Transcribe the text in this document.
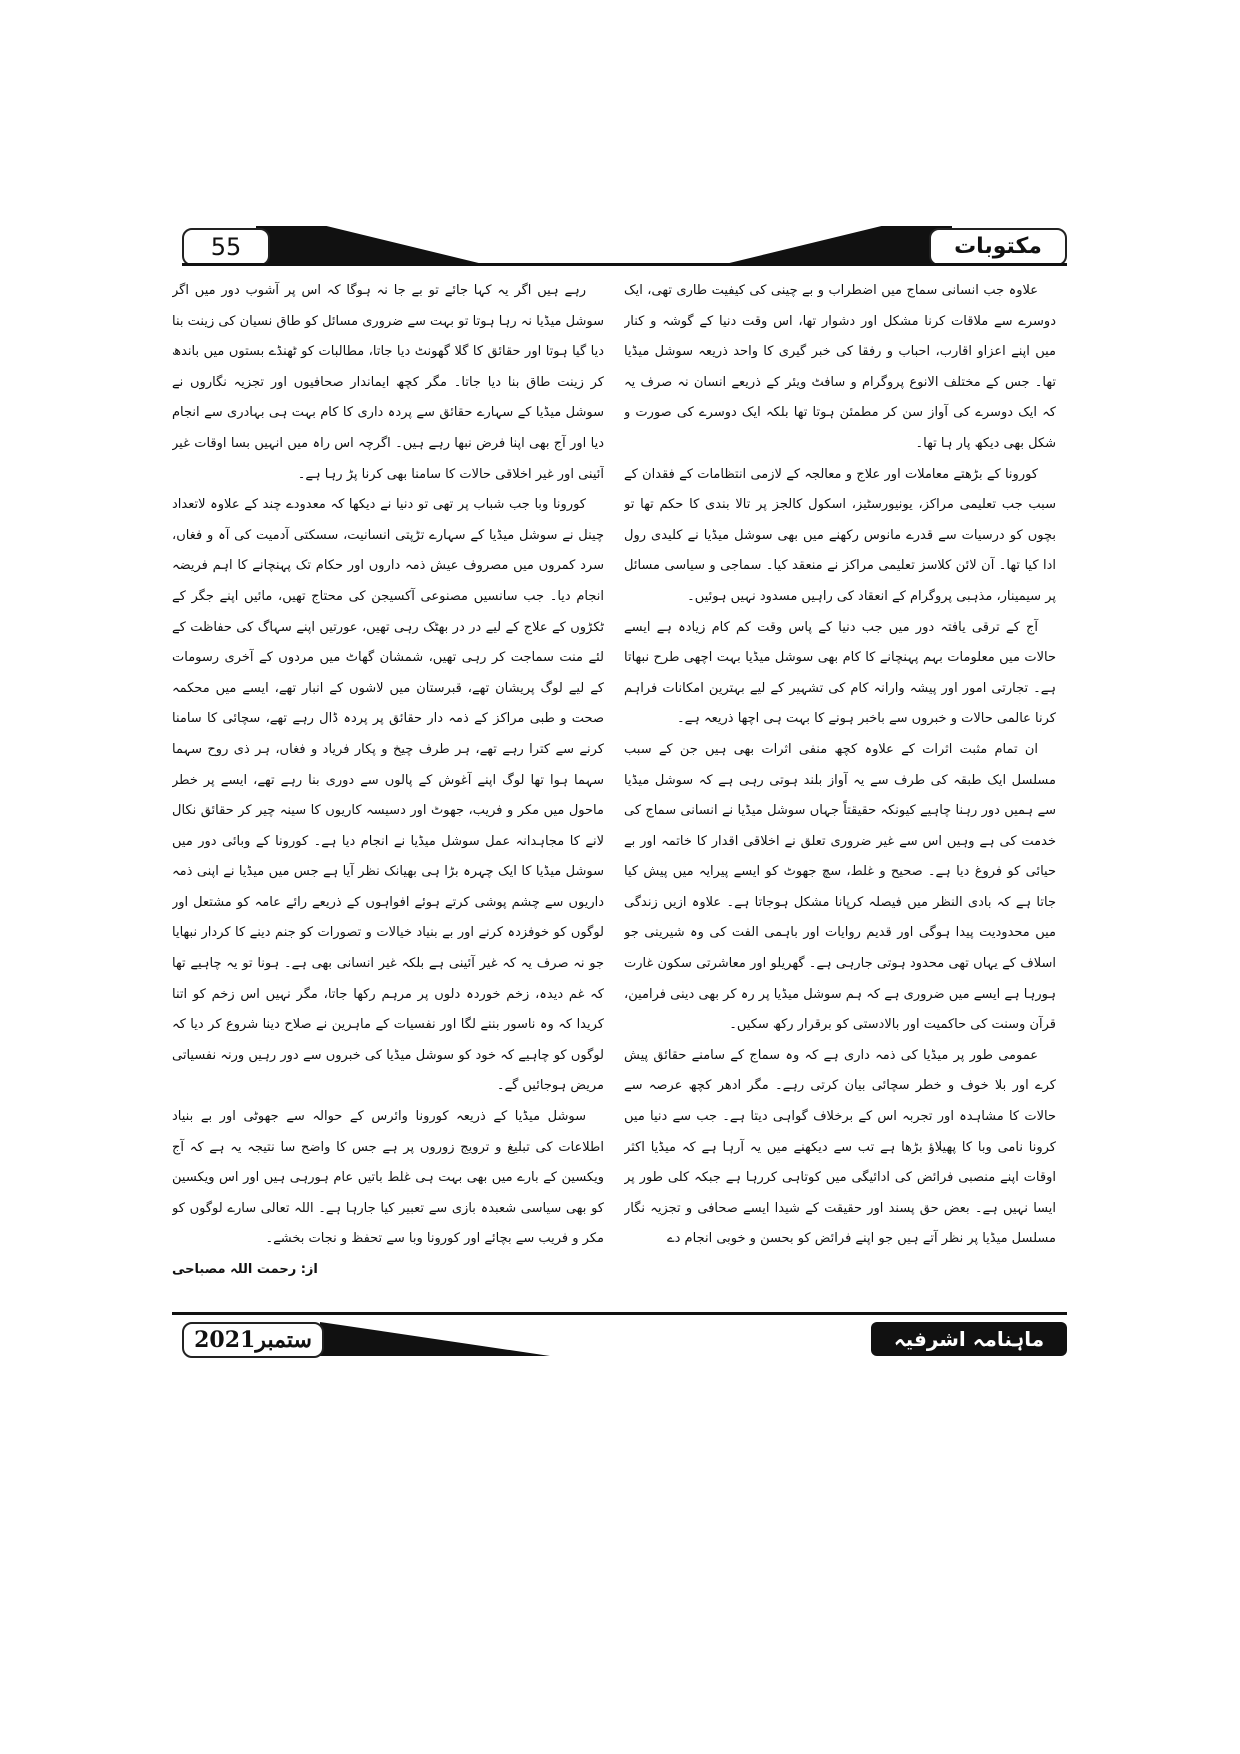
55	مکتوبات

علاوہ جب انسانی سماج میں اضطراب و بے چینی کی کیفیت طاری تھی، ایک دوسرے سے ملاقات کرنا مشکل اور دشوار تھا، اس وقت دنیا کے گوشہ و کنار میں اپنے اعزاو اقارب، احباب و رفقا کی خبر گیری کا واحد ذریعہ سوشل میڈیا تھا۔ جس کے مختلف الانوع پروگرام و سافٹ ویئر کے ذریعے انسان نہ صرف یہ کہ ایک دوسرے کی آواز سن کر مطمئن ہوتا تھا بلکہ ایک دوسرے کی صورت و شکل بھی دیکھ پار ہا تھا۔

کورونا کے بڑھتے معاملات اور علاج و معالجہ کے لازمی انتظامات کے فقدان کے سبب جب تعلیمی مراکز، یونیورسٹیز، اسکول کالجز پر تالا بندی کا حکم تھا تو بچوں کو درسیات سے قدرے مانوس رکھنے میں بھی سوشل میڈیا نے کلیدی رول ادا کیا تھا۔ آن لائن کلاسز تعلیمی مراکز نے منعقد کیا۔ سماجی و سیاسی مسائل پر سیمینار، مذہبی پروگرام کے انعقاد کی راہیں مسدود نہیں ہوئیں۔

آج کے ترقی یافتہ دور میں جب دنیا کے پاس وقت کم کام زیادہ ہے ایسے حالات میں معلومات بہم پہنچانے کا کام بھی سوشل میڈیا بہت اچھی طرح نبھاتا ہے۔ تجارتی امور اور پیشہ وارانہ کام کی تشہیر کے لیے بہترین امکانات فراہم کرنا عالمی حالات و خبروں سے باخبر ہونے کا بہت ہی اچھا ذریعہ ہے۔

ان تمام مثبت اثرات کے علاوہ کچھ منفی اثرات بھی ہیں جن کے سبب مسلسل ایک طبقہ کی طرف سے یہ آواز بلند ہوتی رہی ہے کہ سوشل میڈیا سے ہمیں دور رہنا چاہیے کیونکہ حقیقتاً جہاں سوشل میڈیا نے انسانی سماج کی خدمت کی ہے وہیں اس سے غیر ضروری تعلق نے اخلاقی اقدار کا خاتمہ اور بے حیائی کو فروغ دیا ہے۔ صحیح و غلط، سچ جھوٹ کو ایسے پیرایہ میں پیش کیا جاتا ہے کہ بادی النظر میں فیصلہ کرپانا مشکل ہوجاتا ہے۔ علاوہ ازیں زندگی میں محدودیت پیدا ہوگی اور قدیم روایات اور باہمی الفت کی وہ شیرینی جو اسلاف کے یہاں تھی محدود ہوتی جارہی ہے۔ گھریلو اور معاشرتی سکون غارت ہورہا ہے ایسے میں ضروری ہے کہ ہم سوشل میڈیا پر رہ کر بھی دینی فرامین، قرآن وسنت کی حاکمیت اور بالادستی کو برقرار رکھ سکیں۔

عمومی طور پر میڈیا کی ذمہ داری ہے کہ وہ سماج کے سامنے حقائق پیش کرے اور بلا خوف و خطر سچائی بیان کرتی رہے۔ مگر ادھر کچھ عرصہ سے حالات کا مشاہدہ اور تجربہ اس کے برخلاف گواہی دیتا ہے۔ جب سے دنیا میں کرونا نامی وبا کا پھیلاؤ بڑھا ہے تب سے دیکھنے میں یہ آرہا ہے کہ میڈیا اکثر اوقات اپنے منصبی فرائض کی ادائیگی میں کوتاہی کررہا ہے جبکہ کلی طور پر ایسا نہیں ہے۔ بعض حق پسند اور حقیقت کے شیدا ایسے صحافی و تجزیہ نگار مسلسل میڈیا پر نظر آتے ہیں جو اپنے فرائض کو بحسن و خوبی انجام دے

رہے ہیں اگر یہ کہا جائے تو بے جا نہ ہوگا کہ اس پر آشوب دور میں اگر سوشل میڈیا نہ رہا ہوتا تو بہت سے ضروری مسائل کو طاق نسیان کی زینت بنا دیا گیا ہوتا اور حقائق کا گلا گھونٹ دیا جاتا، مطالبات کو ٹھنڈے بستوں میں باندھ کر زینت طاق بنا دیا جاتا۔ مگر کچھ ایماندار صحافیوں اور تجزیہ نگاروں نے سوشل میڈیا کے سہارے حقائق سے پردہ داری کا کام بہت ہی بہادری سے انجام دیا اور آج بھی اپنا فرض نبھا رہے ہیں۔ اگرچہ اس راہ میں انہیں بسا اوقات غیر آئینی اور غیر اخلاقی حالات کا سامنا بھی کرنا پڑ رہا ہے۔

کورونا وبا جب شباب پر تھی تو دنیا نے دیکھا کہ معدودے چند کے علاوہ لاتعداد چینل نے سوشل میڈیا کے سہارے تڑپتی انسانیت، سسکتی آدمیت کی آہ و فغاں، سرد کمروں میں مصروف عیش ذمہ داروں اور حکام تک پہنچانے کا اہم فریضہ انجام دیا۔ جب سانسیں مصنوعی آکسیجن کی محتاج تھیں، مائیں اپنے جگر کے ٹکڑوں کے علاج کے لیے در در بھٹک رہی تھیں، عورتیں اپنے سہاگ کی حفاظت کے لئے منت سماجت کر رہی تھیں، شمشان گھاٹ میں مردوں کے آخری رسومات کے لیے لوگ پریشان تھے، قبرستان میں لاشوں کے انبار تھے، ایسے میں محکمہ صحت و طبی مراکز کے ذمہ دار حقائق پر پردہ ڈال رہے تھے، سچائی کا سامنا کرنے سے کترا رہے تھے، ہر طرف چیخ و پکار فریاد و فغاں، ہر ذی روح سہما سہما ہوا تھا لوگ اپنے آغوش کے پالوں سے دوری بنا رہے تھے، ایسے پر خطر ماحول میں مکر و فریب، جھوٹ اور دسیسہ کاریوں کا سینہ چیر کر حقائق نکال لانے کا مجاہدانہ عمل سوشل میڈیا نے انجام دیا ہے۔ کورونا کے وبائی دور میں سوشل میڈیا کا ایک چہرہ بڑا ہی بھیانک نظر آیا ہے جس میں میڈیا نے اپنی ذمہ داریوں سے چشم پوشی کرتے ہوئے افواہوں کے ذریعے رائے عامہ کو مشتعل اور لوگوں کو خوفزدہ کرنے اور بے بنیاد خیالات و تصورات کو جنم دینے کا کردار نبھایا جو نہ صرف یہ کہ غیر آئینی ہے بلکہ غیر انسانی بھی ہے۔ ہونا تو یہ چاہیے تھا کہ غم دیدہ، زخم خوردہ دلوں پر مرہم رکھا جاتا، مگر نہیں اس زخم کو اتنا کریدا کہ وہ ناسور بننے لگا اور نفسیات کے ماہرین نے صلاح دینا شروع کر دیا کہ لوگوں کو چاہیے کہ خود کو سوشل میڈیا کی خبروں سے دور رہیں ورنہ نفسیاتی مریض ہوجائیں گے۔

سوشل میڈیا کے ذریعہ کورونا وائرس کے حوالہ سے جھوٹی اور بے بنیاد اطلاعات کی تبلیغ و ترویج زوروں پر ہے جس کا واضح سا نتیجہ یہ ہے کہ آج ویکسین کے بارے میں بھی بہت ہی غلط باتیں عام ہورہی ہیں اور اس ویکسین کو بھی سیاسی شعبدہ بازی سے تعبیر کیا جارہا ہے۔ اللہ تعالی سارے لوگوں کو مکر و فریب سے بچائے اور کورونا وبا سے تحفظ و نجات بخشے۔

از: رحمت اللہ مصباحی
ستمبر2021	ماہنامہ اشرفیہ
